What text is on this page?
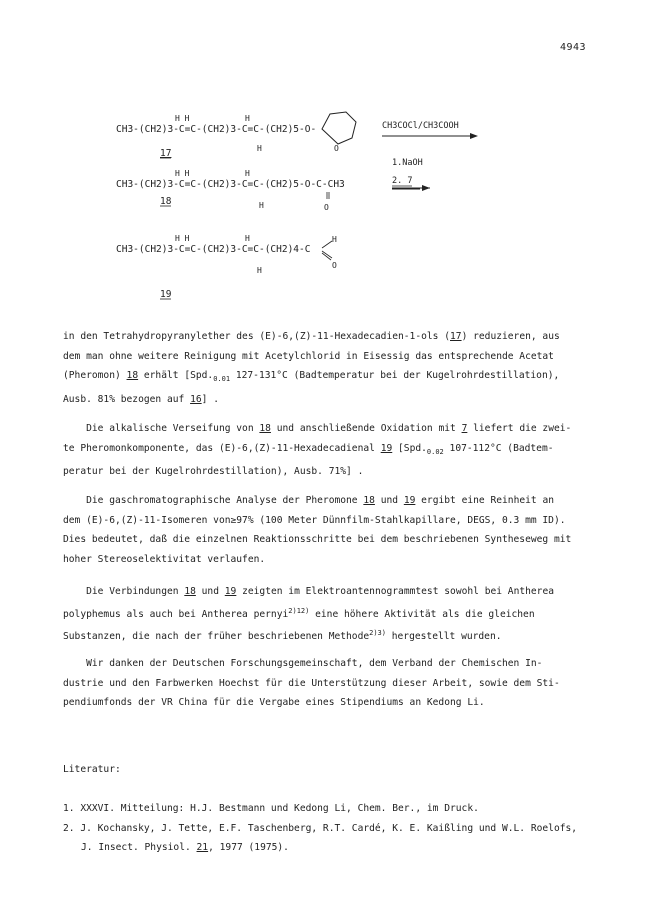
4943
H H	H
CH3-(CH2)3-C=C-(CH2)3-C=C-(CH2)5-O-
H	O
17
CH3COCl/CH3COOH
H H	H
CH3-(CH2)3-C=C-(CH2)3-C=C-(CH2)5-O-C-CH3
H	O
18
1.NaOH
2. 7
H H	H
CH3-(CH2)3-C=C-(CH2)3-C=C-(CH2)4-C
H
H
O
19
in den Tetrahydropyranylether des (E)-6,(Z)-11-Hexadecadien-1-ols (17) reduzieren, aus
dem man ohne weitere Reinigung mit Acetylchlorid in Eisessig das entsprechende Acetat
(Pheromon) 18 erhält [$Spd._{0.01}$ 127-131°C (Badtemperatur bei der Kugelrohrdestillation),
Ausb. 81% bezogen auf 16] .
Die alkalische Verseifung von 18 und anschließende Oxidation mit 7 liefert die zwei-
te Pheromonkomponente, das (E)-6,(Z)-11-Hexadecadienal 19 [$Spd._{0.02}$ 107-112°C (Badtem-
peratur bei der Kugelrohrdestillation), Ausb. 71%] .
Die gaschromatographische Analyse der Pheromone 18 und 19 ergibt eine Reinheit an
dem (E)-6,(Z)-11-Isomeren von≥97% (100 Meter Dünnfilm-Stahlkapillare, DEGS, 0.3 mm ID).
Dies bedeutet, daß die einzelnen Reaktionsschritte bei dem beschriebenen Syntheseweg mit
hoher Stereoselektivitat verlaufen.
Die Verbindungen 18 und 19 zeigten im Elektroantennogrammtest sowohl bei Antherea
polyphemus als auch bei Antherea pernyi$^{2)12)}$ eine höhere Aktivität als die gleichen
Substanzen, die nach der früher beschriebenen Methode$^{2)3)}$ hergestellt wurden.
Wir danken der Deutschen Forschungsgemeinschaft, dem Verband der Chemischen In-
dustrie und den Farbwerken Hoechst für die Unterstützung dieser Arbeit, sowie dem Sti-
pendiumfonds der VR China für die Vergabe eines Stipendiums an Kedong Li.
Literatur:
1. XXXVI. Mitteilung: H.J. Bestmann und Kedong Li, Chem. Ber., im Druck.
2. J. Kochansky, J. Tette, E.F. Taschenberg, R.T. Cardé, K. E. Kaißling und W.L. Roelofs,
J. Insect. Physiol. 21, 1977 (1975).
